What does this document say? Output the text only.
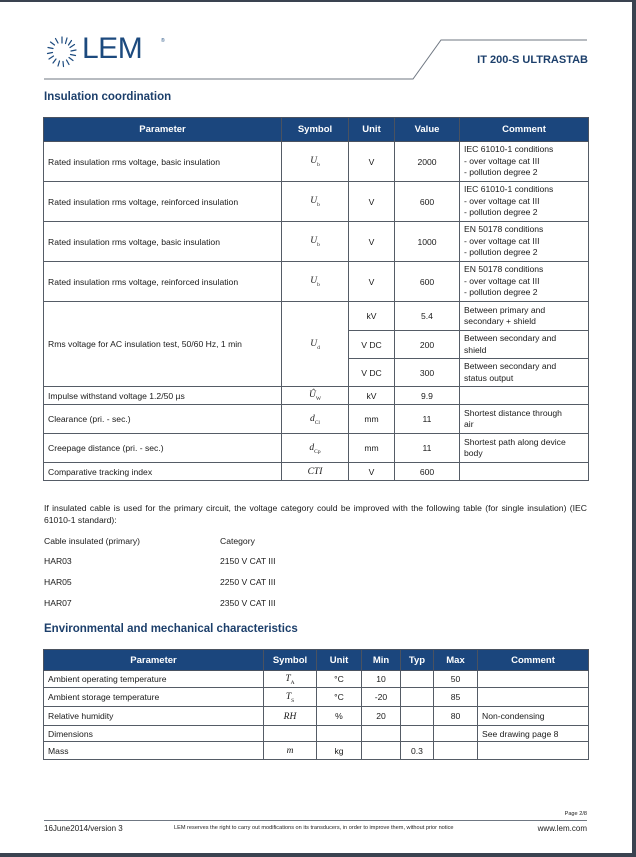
LEM	®
IT 200-S ULTRASTAB
Insulation coordination
Parameter	Symbol	Unit	Value	Comment
Rated insulation rms voltage, basic insulation	$U_b$	V	2000	IEC 61010-1 conditions
- over voltage cat III
- pollution degree 2

Rated insulation rms voltage, reinforced insulation	$U_b$	V	600	IEC 61010-1 conditions
- over voltage cat III
- pollution degree 2

Rated insulation rms voltage, basic insulation	$U_b$	V	1000	EN 50178 conditions
- over voltage cat III
- pollution degree 2

Rated insulation rms voltage, reinforced insulation	$U_b$	V	600	EN 50178 conditions
- over voltage cat III
- pollution degree 2

Rms voltage for AC insulation test, 50/60 Hz, 1 min	$U_d$	kV	5.4	Between primary and
secondary + shield

		V DC	200	Between secondary and
shield

		V DC	300	Between secondary and
status output

Impulse withstand voltage 1.2/50 µs	$Û_W$	kV	9.9	
Clearance (pri. - sec.)	$d_{Cl}$	mm	11	Shortest distance through
air

Creepage distance (pri. - sec.)	$d_{Cp}$	mm	11	Shortest path along device
body

Comparative tracking index	CTI	V	600	
If insulated cable is used for the primary circuit, the voltage category could be improved with the following table (for single insulation) (IEC 61010-1 standard):
Cable insulated (primary)	Category
HAR03	2150 V CAT III
HAR05	2250 V CAT III
HAR07	2350 V CAT III
Environmental and mechanical characteristics
Parameter	Symbol	Unit	Min	Typ	Max	Comment
Ambient operating temperature	$T_A$	°C	10		50	
Ambient storage temperature	$T_S$	°C	-20		85	
Relative humidity	RH	%	20		80	Non-condensing
Dimensions						See drawing page 8
Mass	m	kg		0.3		
Page 2/8
16June2014/version 3	LEM reserves the right to carry out modifications on its transducers, in order to improve them, without prior notice	www.lem.com
